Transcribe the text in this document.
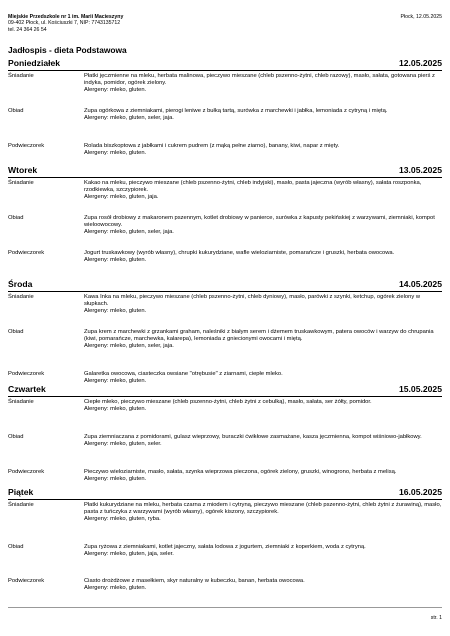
Miejskie Przedszkole nr 1 im. Marii Macieszyny
09-402 Płock, ul. Kościuszki 7, NIP: 7743135712
tel. 24 364 26 54
Płock, 12.05.2025
Jadłospis - dieta Podstawowa
Poniedziałek	12.05.2025
Śniadanie	Płatki jęczmienne na mleku, herbata malinowa, pieczywo mieszane (chleb pszenno-żytni, chleb razowy), masło, sałata, gotowana pierś z indyka, pomidor, ogórek zielony.
Alergeny: mleko, gluten.
Obiad	Zupa ogórkowa z ziemniakami, pierogi leniwe z bułką tartą, surówka z marchewki i jabłka, lemoniada z cytryną i miętą.
Alergeny: mleko, gluten, seler, jaja.
Podwieczorek	Rolada biszkoptowa z jabłkami i cukrem pudrem (z mąką pełne ziarno), banany, kiwi, napar z mięty.
Alergeny: mleko, gluten.
Wtorek	13.05.2025
Śniadanie	Kakao na mleku, pieczywo mieszane (chleb pszenno-żytni, chleb indyjski), masło, pasta jajeczna (wyrób własny), sałata roszponka, rzodkiewka, szczypiorek.
Alergeny: mleko, gluten, jaja.
Obiad	Zupa rosół drobiowy z makaronem pszennym, kotlet drobiowy w panierce, surówka z kapusty pekińskiej z warzywami, ziemniaki, kompot wieloowocowy.
Alergeny: mleko, gluten, seler, jaja.
Podwieczorek	Jogurt truskawkowy (wyrób własny), chrupki kukurydziane, wafle wieloziarniste, pomarańcze i gruszki, herbata owocowa.
Alergeny: mleko, gluten.
Środa	14.05.2025
Śniadanie	Kawa Inka na mleku, pieczywo mieszane (chleb pszenno-żytni, chleb dyniowy), masło, parówki z szynki, ketchup, ogórek zielony w słupkach.
Alergeny: mleko, gluten.
Obiad	Zupa krem z marchewki z grzankami graham, naleśniki z białym serem i dżemem truskawkowym, patera owoców i warzyw do chrupania (kiwi, pomarańcze, marchewka, kalarepa), lemoniada z gniecionymi owocami i miętą.
Alergeny: mleko, gluten, seler, jaja.
Podwieczorek	Galaretka owocowa, ciasteczka owsiane "otrębusie" z ziarnami, ciepłe mleko.
Alergeny: mleko, gluten.
Czwartek	15.05.2025
Śniadanie	Ciepłe mleko, pieczywo mieszane (chleb pszenno-żytni, chleb żytni z cebulką), masło, sałata, ser żółty, pomidor.
Alergeny: mleko, gluten.
Obiad	Zupa ziemniaczana z pomidorami, gulasz wieprzowy, buraczki ćwikłowe zasmażane, kasza jęczmienna, kompot wiśniowo-jabłkowy.
Alergeny: mleko, gluten, seler.
Podwieczorek	Pieczywo wieloziarniste, masło, sałata, szynka wieprzowa pieczona, ogórek zielony, gruszki, winogrono, herbata z melisą.
Alergeny: mleko, gluten.
Piątek	16.05.2025
Śniadanie	Płatki kukurydziane na mleku, herbata czarna z miodem i cytryną, pieczywo mieszane (chleb pszenno-żytni, chleb żytni z żurawiną), masło, pasta z tuńczyka z warzywami (wyrób własny), ogórek kiszony, szczypiorek.
Alergeny: mleko, gluten, ryba.
Obiad	Zupa ryżowa z ziemniakami, kotlet jajeczny, sałata lodowa z jogurtem, ziemniaki z koperkiem, woda z cytryną.
Alergeny: mleko, gluten, jaja, seler.
Podwieczorek	Ciasto drożdżowe z masełkiem, skyr naturalny w kubeczku, banan, herbata owocowa.
Alergeny: mleko, gluten.
str. 1
